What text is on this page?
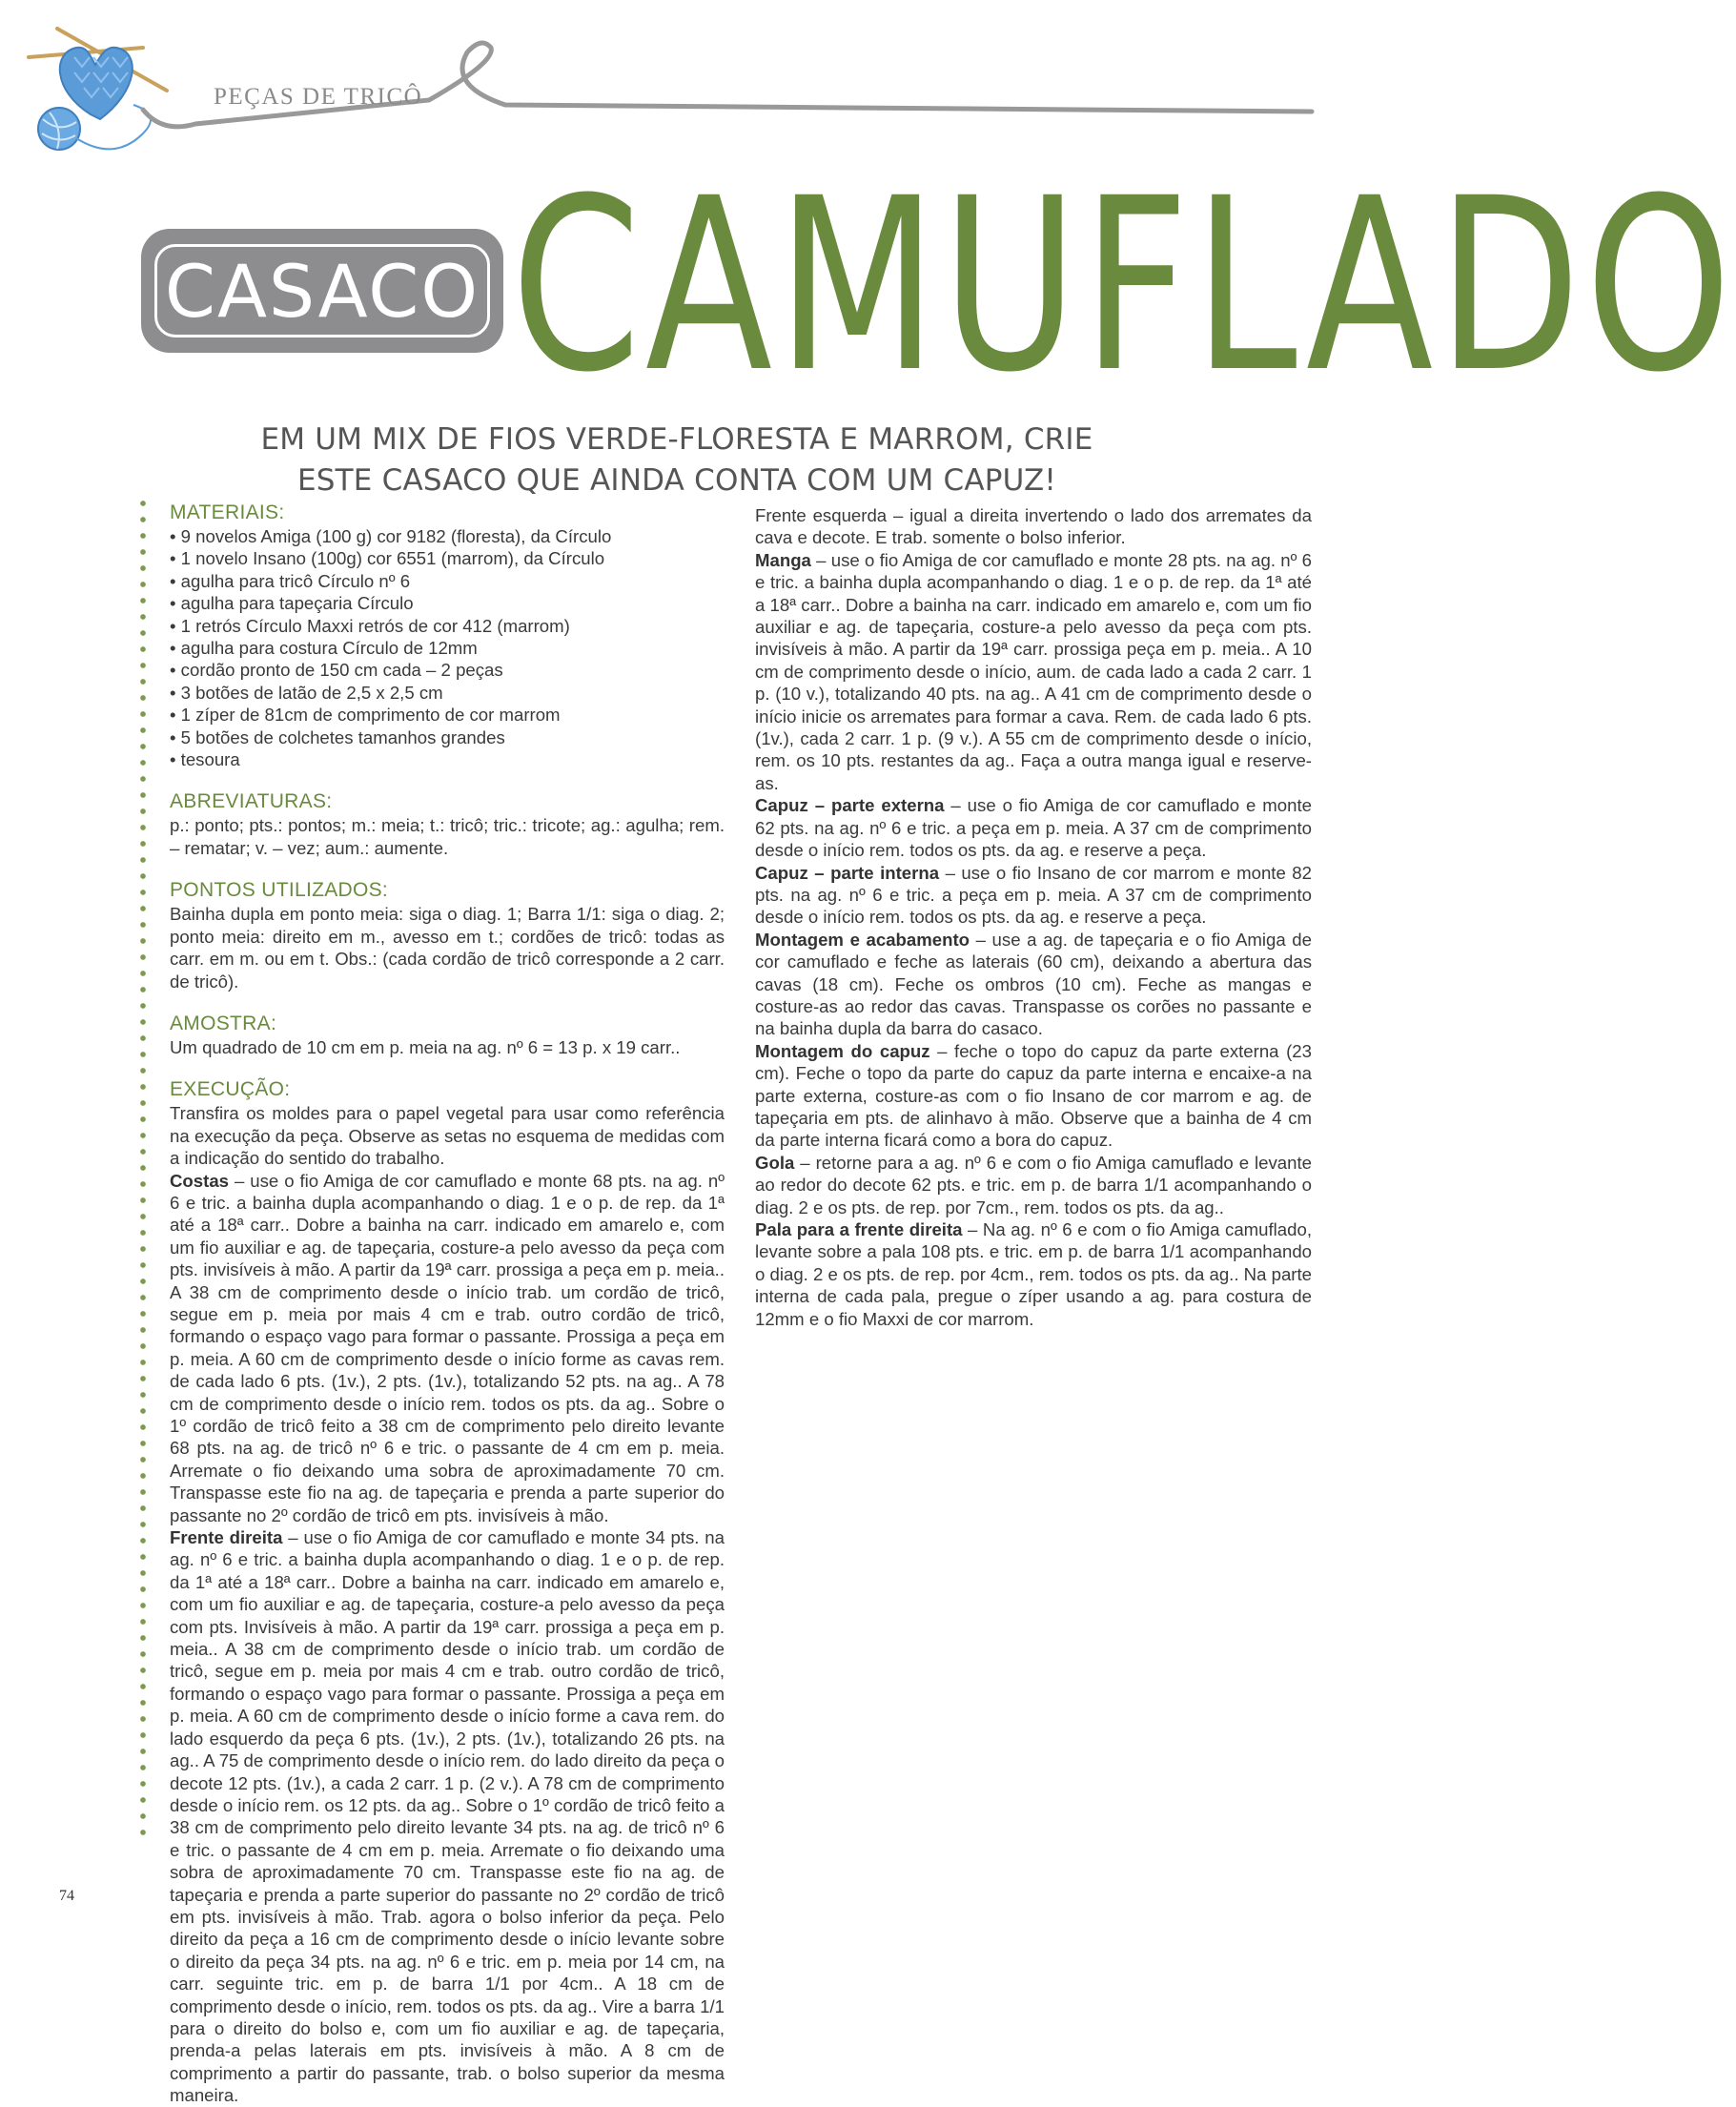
PEÇAS DE TRICÔ
CASACO CAMUFLADO

EM UM MIX DE FIOS VERDE-FLORESTA E MARROM, CRIE
ESTE CASACO QUE AINDA CONTA COM UM CAPUZ!

MATERIAIS:
• 9 novelos Amiga (100 g) cor 9182 (floresta), da Círculo
• 1 novelo Insano (100g) cor 6551 (marrom), da Círculo
• agulha para tricô Círculo nº 6
• agulha para tapeçaria Círculo
• 1 retrós Círculo Maxxi retrós de cor 412 (marrom)
• agulha para costura Círculo de 12mm
• cordão pronto de 150 cm cada – 2 peças
• 3 botões de latão de 2,5 x 2,5 cm
• 1 zíper de 81cm de comprimento de cor marrom
• 5 botões de colchetes tamanhos grandes
• tesoura
ABREVIATURAS:

p.: ponto; pts.: pontos; m.: meia; t.: tricô; tric.: tricote; ag.: agulha; rem. – rematar; v. – vez; aum.: aumente.

PONTOS UTILIZADOS:

Bainha dupla em ponto meia: siga o diag. 1; Barra 1/1: siga o diag. 2; ponto meia: direito em m., avesso em t.; cordões de tricô: todas as carr. em m. ou em t. Obs.: (cada cordão de tricô corresponde a 2 carr. de tricô).

AMOSTRA:

Um quadrado de 10 cm em p. meia na ag. nº 6 = 13 p. x 19 carr..

EXECUÇÃO:

Transfira os moldes para o papel vegetal para usar como referência na execução da peça. Observe as setas no esquema de medidas com a indicação do sentido do trabalho.

Costas – use o fio Amiga de cor camuflado e monte 68 pts. na ag. nº 6 e tric. a bainha dupla acompanhando o diag. 1 e o p. de rep. da 1ª até a 18ª carr.. Dobre a bainha na carr. indicado em amarelo e, com um fio auxiliar e ag. de tapeçaria, costure-a pelo avesso da peça com pts. invisíveis à mão. A partir da 19ª carr. prossiga a peça em p. meia.. A 38 cm de comprimento desde o início trab. um cordão de tricô, segue em p. meia por mais 4 cm e trab. outro cordão de tricô, formando o espaço vago para formar o passante. Prossiga a peça em p. meia. A 60 cm de comprimento desde o início forme as cavas rem. de cada lado 6 pts. (1v.), 2 pts. (1v.), totalizando 52 pts. na ag.. A 78 cm de comprimento desde o início rem. todos os pts. da ag.. Sobre o 1º cordão de tricô feito a 38 cm de comprimento pelo direito levante 68 pts. na ag. de tricô nº 6 e tric. o passante de 4 cm em p. meia. Arremate o fio deixando uma sobra de aproximadamente 70 cm. Transpasse este fio na ag. de tapeçaria e prenda a parte superior do passante no 2º cordão de tricô em pts. invisíveis à mão.

Frente direita – use o fio Amiga de cor camuflado e monte 34 pts. na ag. nº 6 e tric. a bainha dupla acompanhando o diag. 1 e o p. de rep. da 1ª até a 18ª carr.. Dobre a bainha na carr. indicado em amarelo e, com um fio auxiliar e ag. de tapeçaria, costure-a pelo avesso da peça com pts. Invisíveis à mão. A partir da 19ª carr. prossiga a peça em p. meia.. A 38 cm de comprimento desde o início trab. um cordão de tricô, segue em p. meia por mais 4 cm e trab. outro cordão de tricô, formando o espaço vago para formar o passante. Prossiga a peça em p. meia. A 60 cm de comprimento desde o início forme a cava rem. do lado esquerdo da peça 6 pts. (1v.), 2 pts. (1v.), totalizando 26 pts. na ag.. A 75 de comprimento desde o início rem. do lado direito da peça o decote 12 pts. (1v.), a cada 2 carr. 1 p. (2 v.). A 78 cm de comprimento desde o início rem. os 12 pts. da ag.. Sobre o 1º cordão de tricô feito a 38 cm de comprimento pelo direito levante 34 pts. na ag. de tricô nº 6 e tric. o passante de 4 cm em p. meia. Arremate o fio deixando uma sobra de aproximadamente 70 cm. Transpasse este fio na ag. de tapeçaria e prenda a parte superior do passante no 2º cordão de tricô em pts. invisíveis à mão. Trab. agora o bolso inferior da peça. Pelo direito da peça a 16 cm de comprimento desde o início levante sobre o direito da peça 34 pts. na ag. nº 6 e tric. em p. meia por 14 cm, na carr. seguinte tric. em p. de barra 1/1 por 4cm.. A 18 cm de comprimento desde o início, rem. todos os pts. da ag.. Vire a barra 1/1 para o direito do bolso e, com um fio auxiliar e ag. de tapeçaria, prenda-a pelas laterais em pts. invisíveis à mão. A 8 cm de comprimento a partir do passante, trab. o bolso superior da mesma maneira.

Frente esquerda – igual a direita invertendo o lado dos arremates da cava e decote. E trab. somente o bolso inferior.

Manga – use o fio Amiga de cor camuflado e monte 28 pts. na ag. nº 6 e tric. a bainha dupla acompanhando o diag. 1 e o p. de rep. da 1ª até a 18ª carr.. Dobre a bainha na carr. indicado em amarelo e, com um fio auxiliar e ag. de tapeçaria, costure-a pelo avesso da peça com pts. invisíveis à mão. A partir da 19ª carr. prossiga peça em p. meia.. A 10 cm de comprimento desde o início, aum. de cada lado a cada 2 carr. 1 p. (10 v.), totalizando 40 pts. na ag.. A 41 cm de comprimento desde o início inicie os arremates para formar a cava. Rem. de cada lado 6 pts. (1v.), cada 2 carr. 1 p. (9 v.). A 55 cm de comprimento desde o início, rem. os 10 pts. restantes da ag.. Faça a outra manga igual e reserve-as.

Capuz – parte externa – use o fio Amiga de cor camuflado e monte 62 pts. na ag. nº 6 e tric. a peça em p. meia. A 37 cm de comprimento desde o início rem. todos os pts. da ag. e reserve a peça.

Capuz – parte interna – use o fio Insano de cor marrom e monte 82 pts. na ag. nº 6 e tric. a peça em p. meia. A 37 cm de comprimento desde o início rem. todos os pts. da ag. e reserve a peça.

Montagem e acabamento – use a ag. de tapeçaria e o fio Amiga de cor camuflado e feche as laterais (60 cm), deixando a abertura das cavas (18 cm). Feche os ombros (10 cm). Feche as mangas e costure-as ao redor das cavas. Transpasse os corões no passante e na bainha dupla da barra do casaco.

Montagem do capuz – feche o topo do capuz da parte externa (23 cm). Feche o topo da parte do capuz da parte interna e encaixe-a na parte externa, costure-as com o fio Insano de cor marrom e ag. de tapeçaria em pts. de alinhavo à mão. Observe que a bainha de 4 cm da parte interna ficará como a bora do capuz.

Gola – retorne para a ag. nº 6 e com o fio Amiga camuflado e levante ao redor do decote 62 pts. e tric. em p. de barra 1/1 acompanhando o diag. 2 e os pts. de rep. por 7cm., rem. todos os pts. da ag..

Pala para a frente direita – Na ag. nº 6 e com o fio Amiga camuflado, levante sobre a pala 108 pts. e tric. em p. de barra 1/1 acompanhando o diag. 2 e os pts. de rep. por 4cm., rem. todos os pts. da ag.. Na parte interna de cada pala, pregue o zíper usando a ag. para costura de 12mm e o fio Maxxi de cor marrom.

74
